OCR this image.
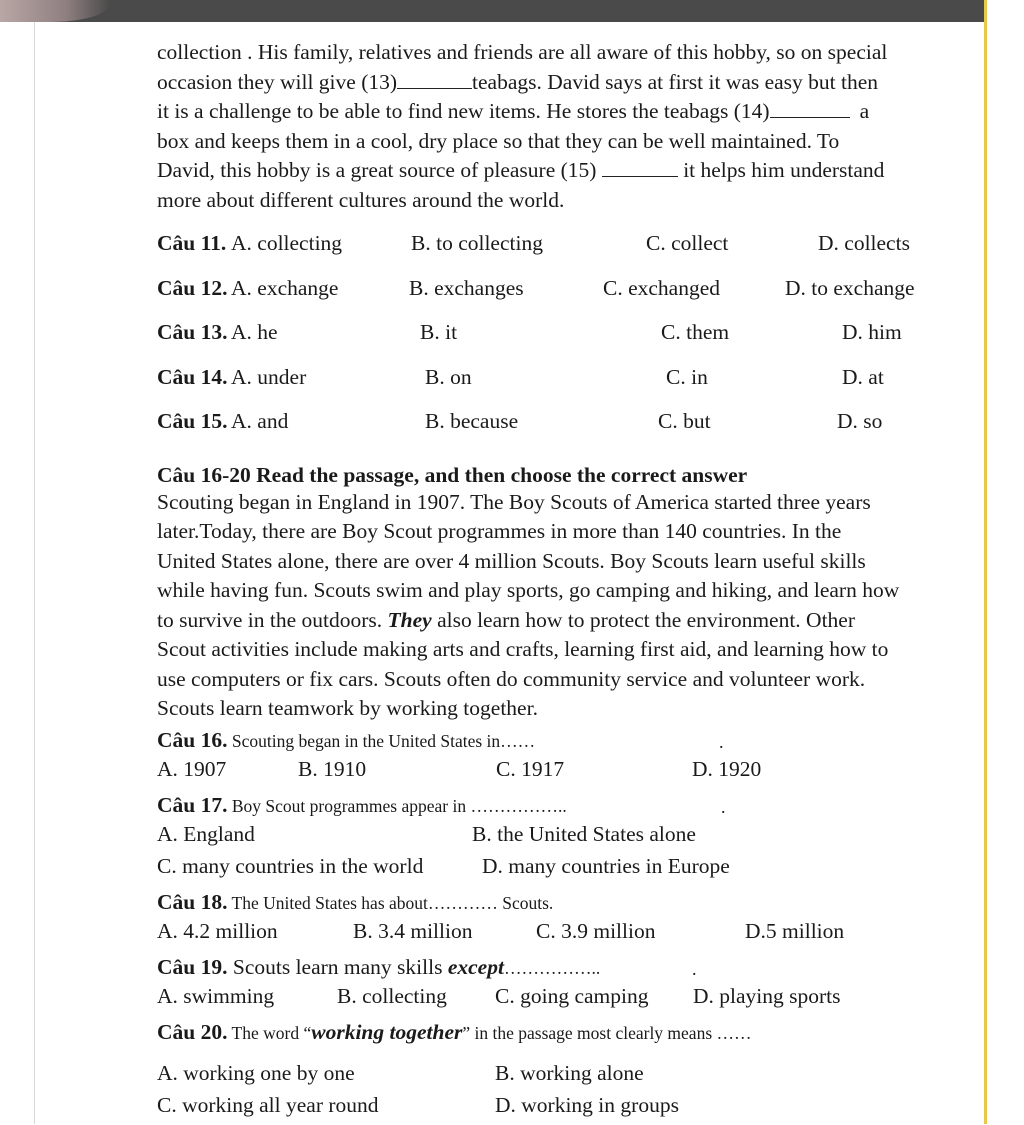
collection . His family, relatives and friends are all aware of this hobby, so on special

occasion they will give (13)	teabags. David says at first it was easy but then

it is a challenge to be able to find new items. He stores the teabags (14)	a

box and keeps them in a cool, dry place so that they can be well maintained. To

David, this hobby is a great source of pleasure (15)	it helps him understand

more about different cultures around the world.

Câu 11. A. collecting	B. to collecting	C. collect	D. collects
Câu 12. A. exchange	B. exchanges	C. exchanged	D. to exchange
Câu 13. A. he	B. it	C. them	D. him
Câu 14. A. under	B. on	C. in	D. at
Câu 15. A. and	B. because	C. but	D. so

Câu 16-20 Read the passage, and then choose the correct answer

Scouting began in England in 1907. The Boy Scouts of America started three years

later.Today, there are Boy Scout programmes in more than 140 countries. In the

United States alone, there are over 4 million Scouts. Boy Scouts learn useful skills

while having fun. Scouts swim and play sports, go camping and hiking, and learn how

to survive in the outdoors. They also learn how to protect the environment. Other

Scout activities include making arts and crafts, learning first aid, and learning how to

use computers or fix cars. Scouts often do community service and volunteer work.

Scouts learn teamwork by working together.

Câu 16. Scouting began in the United States in……	.
A. 1907	B. 1910	C. 1917	D. 1920
Câu 17. Boy Scout programmes appear in ……………..	.
A. England	B. the United States alone
C. many countries in the world	D. many countries in Europe
Câu 18. The United States has about………… Scouts.
A. 4.2 million	B. 3.4 million	C. 3.9 million	D.5 million
Câu 19. Scouts learn many skills except……………..	.
A. swimming	B. collecting C. going camping D. playing sports
Câu 20. The word “working together” in the passage most clearly means ……
A. working one by one	B. working alone
C. working all year round	D. working in groups
